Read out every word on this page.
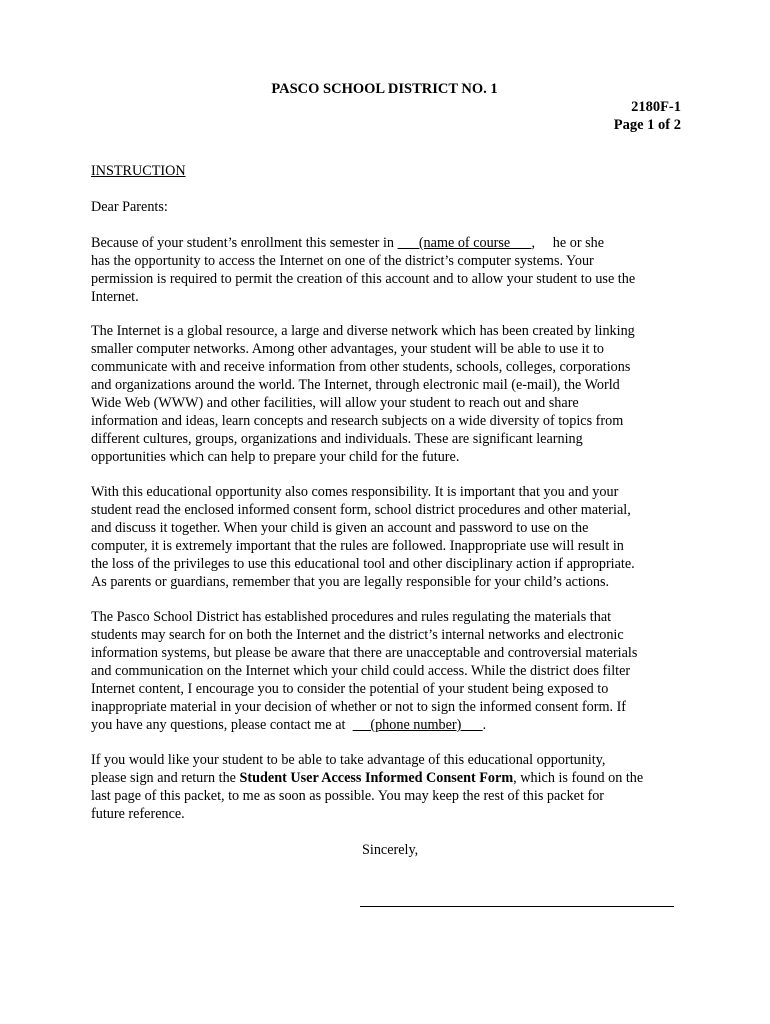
PASCO SCHOOL DISTRICT NO. 1
2180F-1
Page 1 of 2
INSTRUCTION
Dear Parents:
Because of your student’s enrollment this semester in       (name of course      ,     he or she
has the opportunity to access the Internet on one of the district’s computer systems. Your
permission is required to permit the creation of this account and to allow your student to use the
Internet.
The Internet is a global resource, a large and diverse network which has been created by linking
smaller computer networks. Among other advantages, your student will be able to use it to
communicate with and receive information from other students, schools, colleges, corporations
and organizations around the world. The Internet, through electronic mail (e-mail), the World
Wide Web (WWW) and other facilities, will allow your student to reach out and share
information and ideas, learn concepts and research subjects on a wide diversity of topics from
different cultures, groups, organizations and individuals. These are significant learning
opportunities which can help to prepare your child for the future.
With this educational opportunity also comes responsibility. It is important that you and your
student read the enclosed informed consent form, school district procedures and other material,
and discuss it together. When your child is given an account and password to use on the
computer, it is extremely important that the rules are followed. Inappropriate use will result in
the loss of the privileges to use this educational tool and other disciplinary action if appropriate.
As parents or guardians, remember that you are legally responsible for your child’s actions.
The Pasco School District has established procedures and rules regulating the materials that
students may search for on both the Internet and the district’s internal networks and electronic
information systems, but please be aware that there are unacceptable and controversial materials
and communication on the Internet which your child could access. While the district does filter
Internet content, I encourage you to consider the potential of your student being exposed to
inappropriate material in your decision of whether or not to sign the informed consent form. If
you have any questions, please contact me at       (phone number)      .
If you would like your student to be able to take advantage of this educational opportunity,
please sign and return the Student User Access Informed Consent Form, which is found on the
last page of this packet, to me as soon as possible. You may keep the rest of this packet for
future reference.
Sincerely,
